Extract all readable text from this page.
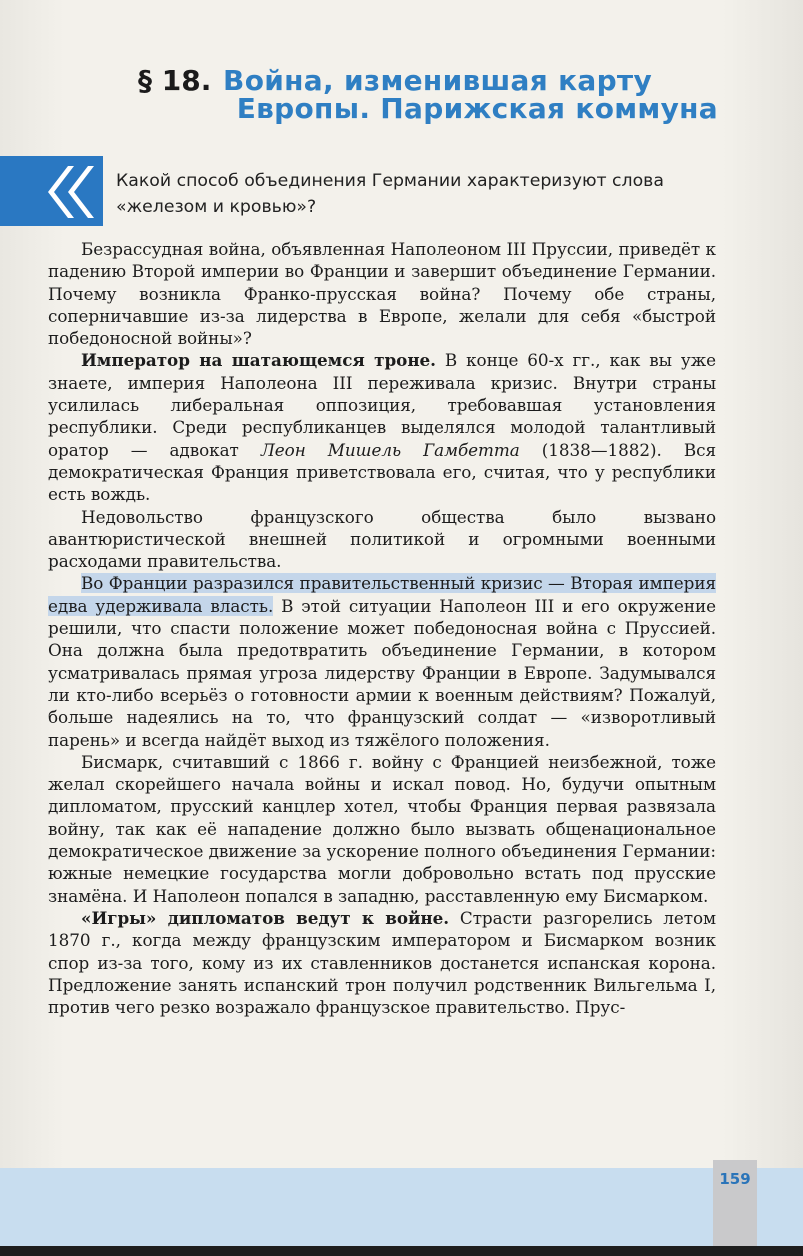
§ 18. Война, изменившая карту
Европы. Парижская коммуна
Какой способ объединения Германии характеризуют слова
«железом и кровью»?

Безрассудная война, объявленная Наполеоном III Пруссии, приведёт к падению Второй империи во Франции и завершит объединение Германии. Почему возникла Франко-прусская война? Почему обе страны, соперничавшие из-за лидерства в Европе, желали для себя «быстрой победоносной войны»?

Император на шатающемся троне. В конце 60-х гг., как вы уже знаете, империя Наполеона III переживала кризис. Внутри страны усилилась либеральная оппозиция, требовавшая установления республики. Среди республиканцев выделялся молодой талантливый оратор — адвокат Леон Мишель Гамбетта (1838—1882). Вся демократическая Франция приветствовала его, считая, что у республики есть вождь.

Недовольство французского общества было вызвано авантюристической внешней политикой и огромными военными расходами правительства.

Во Франции разразился правительственный кризис — Вторая империя едва удерживала власть. В этой ситуации Наполеон III и его окружение решили, что спасти положение может победоносная война с Пруссией. Она должна была предотвратить объединение Германии, в котором усматривалась прямая угроза лидерству Франции в Европе. Задумывался ли кто-либо всерьёз о готовности армии к военным действиям? Пожалуй, больше надеялись на то, что французский солдат — «изворотливый парень» и всегда найдёт выход из тяжёлого положения.

Бисмарк, считавший с 1866 г. войну с Францией неизбежной, тоже желал скорейшего начала войны и искал повод. Но, будучи опытным дипломатом, прусский канцлер хотел, чтобы Франция первая развязала войну, так как её нападение должно было вызвать общенациональное демократическое движение за ускорение полного объединения Германии: южные немецкие государства могли добровольно встать под прусские знамёна. И Наполеон попался в западню, расставленную ему Бисмарком.

«Игры» дипломатов ведут к войне. Страсти разгорелись летом 1870 г., когда между французским императором и Бисмарком возник спор из-за того, кому из их ставленников достанется испанская корона. Предложение занять испанский трон получил родственник Вильгельма I, против чего резко возражало французское правительство. Прус-

159
